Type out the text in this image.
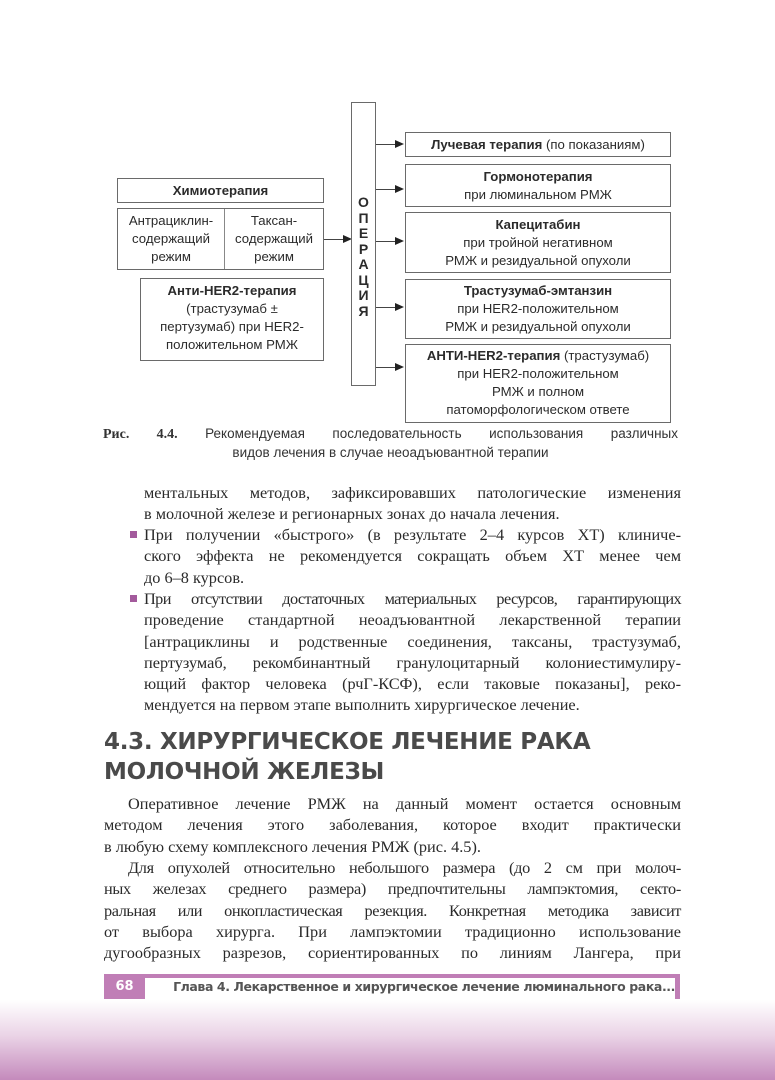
Химиотерапия
Антрациклин-
содержащий
режим
Таксан-
содержащий
режим
Анти-HER2-терапия
(трастузумаб ±
пертузумаб) при HER2-
положительном РМЖ
О
П
Е
Р
А
Ц
И
Я
Лучевая терапия (по показаниям)
Гормонотерапия
при люминальном РМЖ
Капецитабин
при тройной негативном
РМЖ и резидуальной опухоли
Трастузумаб-эмтанзин
при HER2-положительном
РМЖ и резидуальной опухоли
АНТИ-HER2-терапия (трастузумаб)
при HER2-положительном
РМЖ и полном
патоморфологическом ответе
Рис. 4.4. Рекомендуемая последовательность использования различных
видов лечения в случае неоадъювантной терапии
ментальных методов, зафиксировавших патологические изменения
в молочной железе и регионарных зонах до начала лечения.
При получении «быстрого» (в результате 2–4 курсов ХТ) клиниче-
ского эффекта не рекомендуется сокращать объем ХТ менее чем
до 6–8 курсов.
При отсутствии достаточных материальных ресурсов, гарантирующих
проведение стандартной неоадъювантной лекарственной терапии
[антрациклины и родственные соединения, таксаны, трастузумаб,
пертузумаб, рекомбинантный гранулоцитарный колониестимулиру-
ющий фактор человека (рчГ-КСФ), если таковые показаны], реко-
мендуется на первом этапе выполнить хирургическое лечение.
4.3. ХИРУРГИЧЕСКОЕ ЛЕЧЕНИЕ РАКА
МОЛОЧНОЙ ЖЕЛЕЗЫ
Оперативное лечение РМЖ на данный момент остается основным
методом лечения этого заболевания, которое входит практически
в любую схему комплексного лечения РМЖ (рис. 4.5).
Для опухолей относительно небольшого размера (до 2 см при молоч-
ных железах среднего размера) предпочтительны лампэктомия, секто-
ральная или онкопластическая резекция. Конкретная методика зависит
от выбора хирурга. При лампэктомии традиционно использование
дугообразных разрезов, сориентированных по линиям Лангера, при
68	Глава 4. Лекарственное и хирургическое лечение люминального рака...
